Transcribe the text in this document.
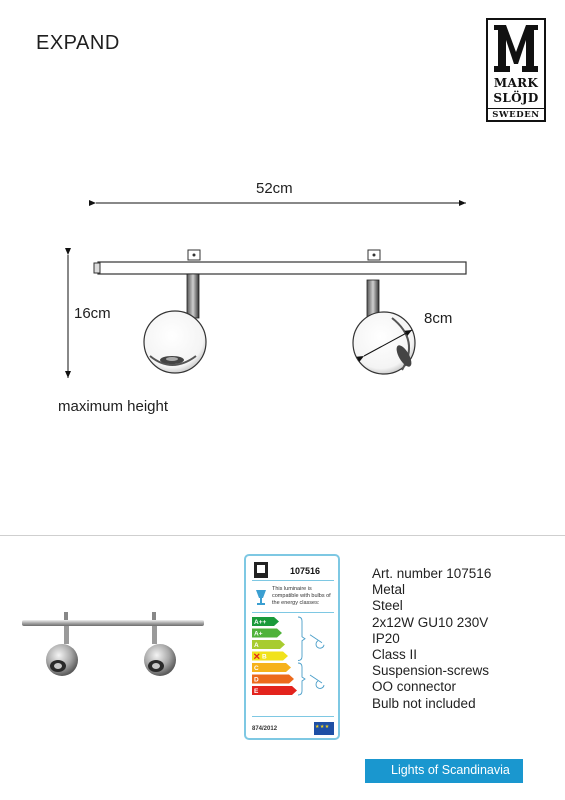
EXPAND
MARK
SLÖJD
SWEDEN
52cm
16cm	8cm
maximum height
107516
This luminaire is compatible with bulbs of the energy classes:
A++
A+
A
B
✕
C
D
E
874/2012
★ ★ ★
Art. number 107516
Metal
Steel
2x12W GU10 230V
IP20
Class II
Suspension-screws
OO connector
Bulb not included
Lights of Scandinavia
